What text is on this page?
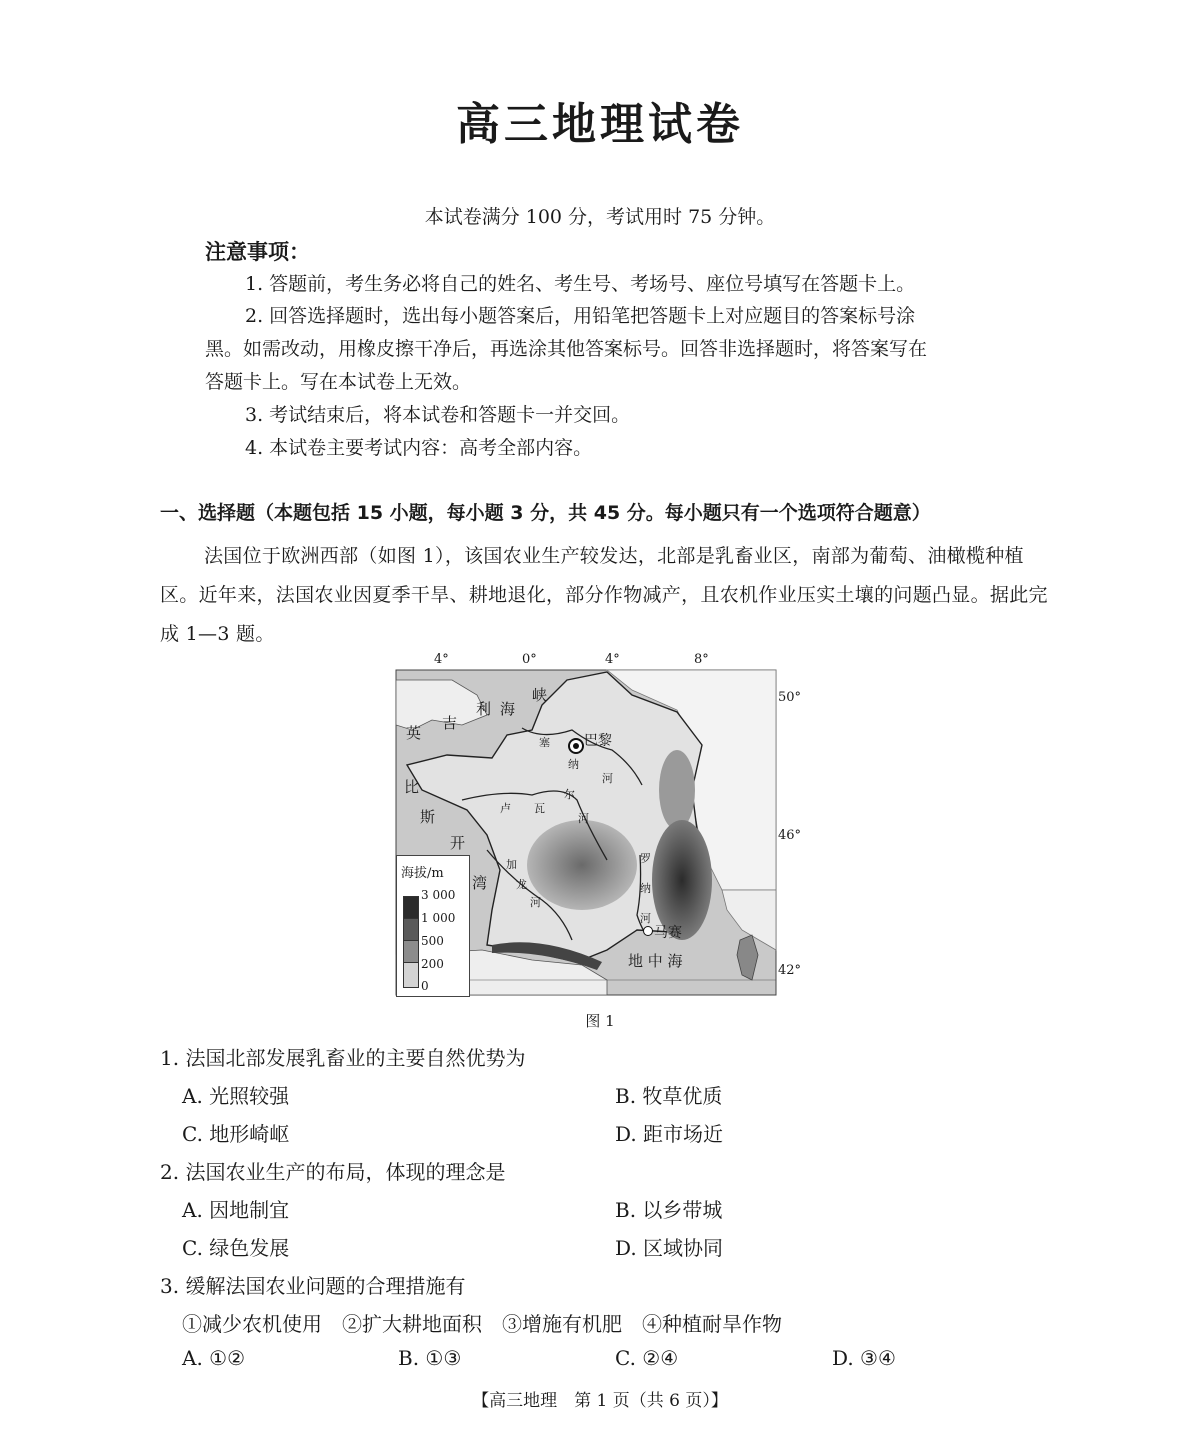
高三地理试卷
本试卷满分 100 分，考试用时 75 分钟。
注意事项：
1. 答题前，考生务必将自己的姓名、考生号、考场号、座位号填写在答题卡上。
2. 回答选择题时，选出每小题答案后，用铅笔把答题卡上对应题目的答案标号涂
黑。如需改动，用橡皮擦干净后，再选涂其他答案标号。回答非选择题时，将答案写在
答题卡上。写在本试卷上无效。
3. 考试结束后，将本试卷和答题卡一并交回。
4. 本试卷主要考试内容：高考全部内容。
一、选择题（本题包括 15 小题，每小题 3 分，共 45 分。每小题只有一个选项符合题意）
法国位于欧洲西部（如图 1），该国农业生产较发达，北部是乳畜业区，南部为葡萄、油橄榄种植区。近年来，法国农业因夏季干旱、耕地退化，部分作物减产，且农机作业压实土壤的问题凸显。据此完成 1—3 题。
4°	0°	4°	8°
50°
46°
42°
英
吉
利 海
峡
比
斯
开
湾
地 中 海
巴黎
马赛
塞
纳
河
卢 瓦
尔
河
加
龙
河
罗
纳
河
海拔/m
3 000
1 000
500
200
0
图 1
1. 法国北部发展乳畜业的主要自然优势为
A. 光照较强	B. 牧草优质
C. 地形崎岖	D. 距市场近
2. 法国农业生产的布局，体现的理念是
A. 因地制宜	B. 以乡带城
C. 绿色发展	D. 区域协同
3. 缓解法国农业问题的合理措施有
①减少农机使用　②扩大耕地面积　③增施有机肥　④种植耐旱作物
A. ①②	B. ①③	C. ②④	D. ③④
【高三地理　第 1 页（共 6 页）】
